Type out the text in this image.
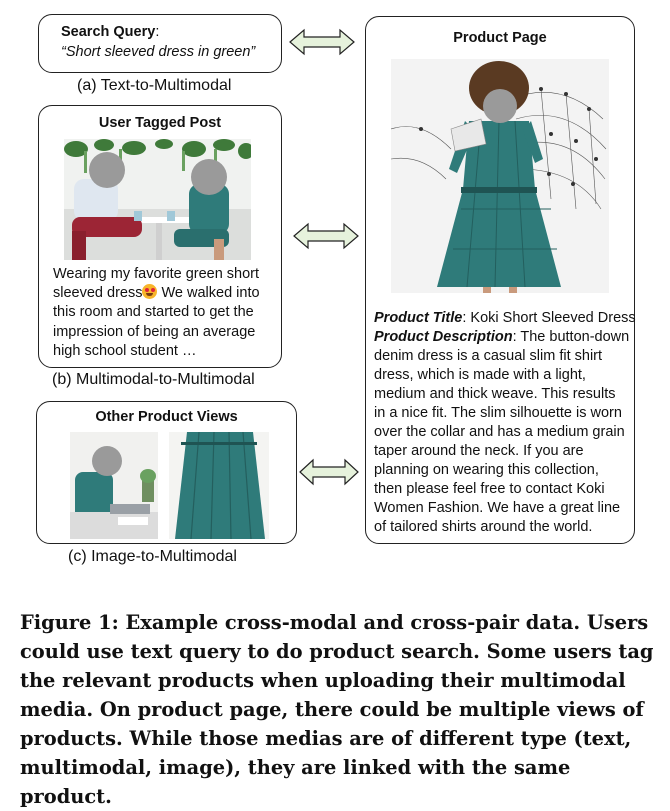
Search Query:
“Short sleeved dress in green”
(a) Text-to-Multimodal
User Tagged Post
Wearing my favorite green short
sleeved dress
We walked into
this room and started to get the
impression of being an average
high school student …
(b) Multimodal-to-Multimodal
Other Product Views
(c) Image-to-Multimodal
Product Page
Product Title: Koki Short Sleeved Dress
Product Description: The button-down
denim dress is a casual slim fit shirt
dress, which is made with a light,
medium and thick weave. This results
in a nice fit. The slim silhouette is worn
over the collar and has a medium grain
taper around the neck. If you are
planning on wearing this collection,
then please feel free to contact Koki
Women Fashion. We have a great line
of tailored shirts around the world.
Figure 1: Example cross-modal and cross-pair data. Users could use text query to do product search. Some users tag the relevant products when uploading their multimodal media. On product page, there could be multiple views of products. While those medias are of different type (text, multimodal, image), they are linked with the same product.
